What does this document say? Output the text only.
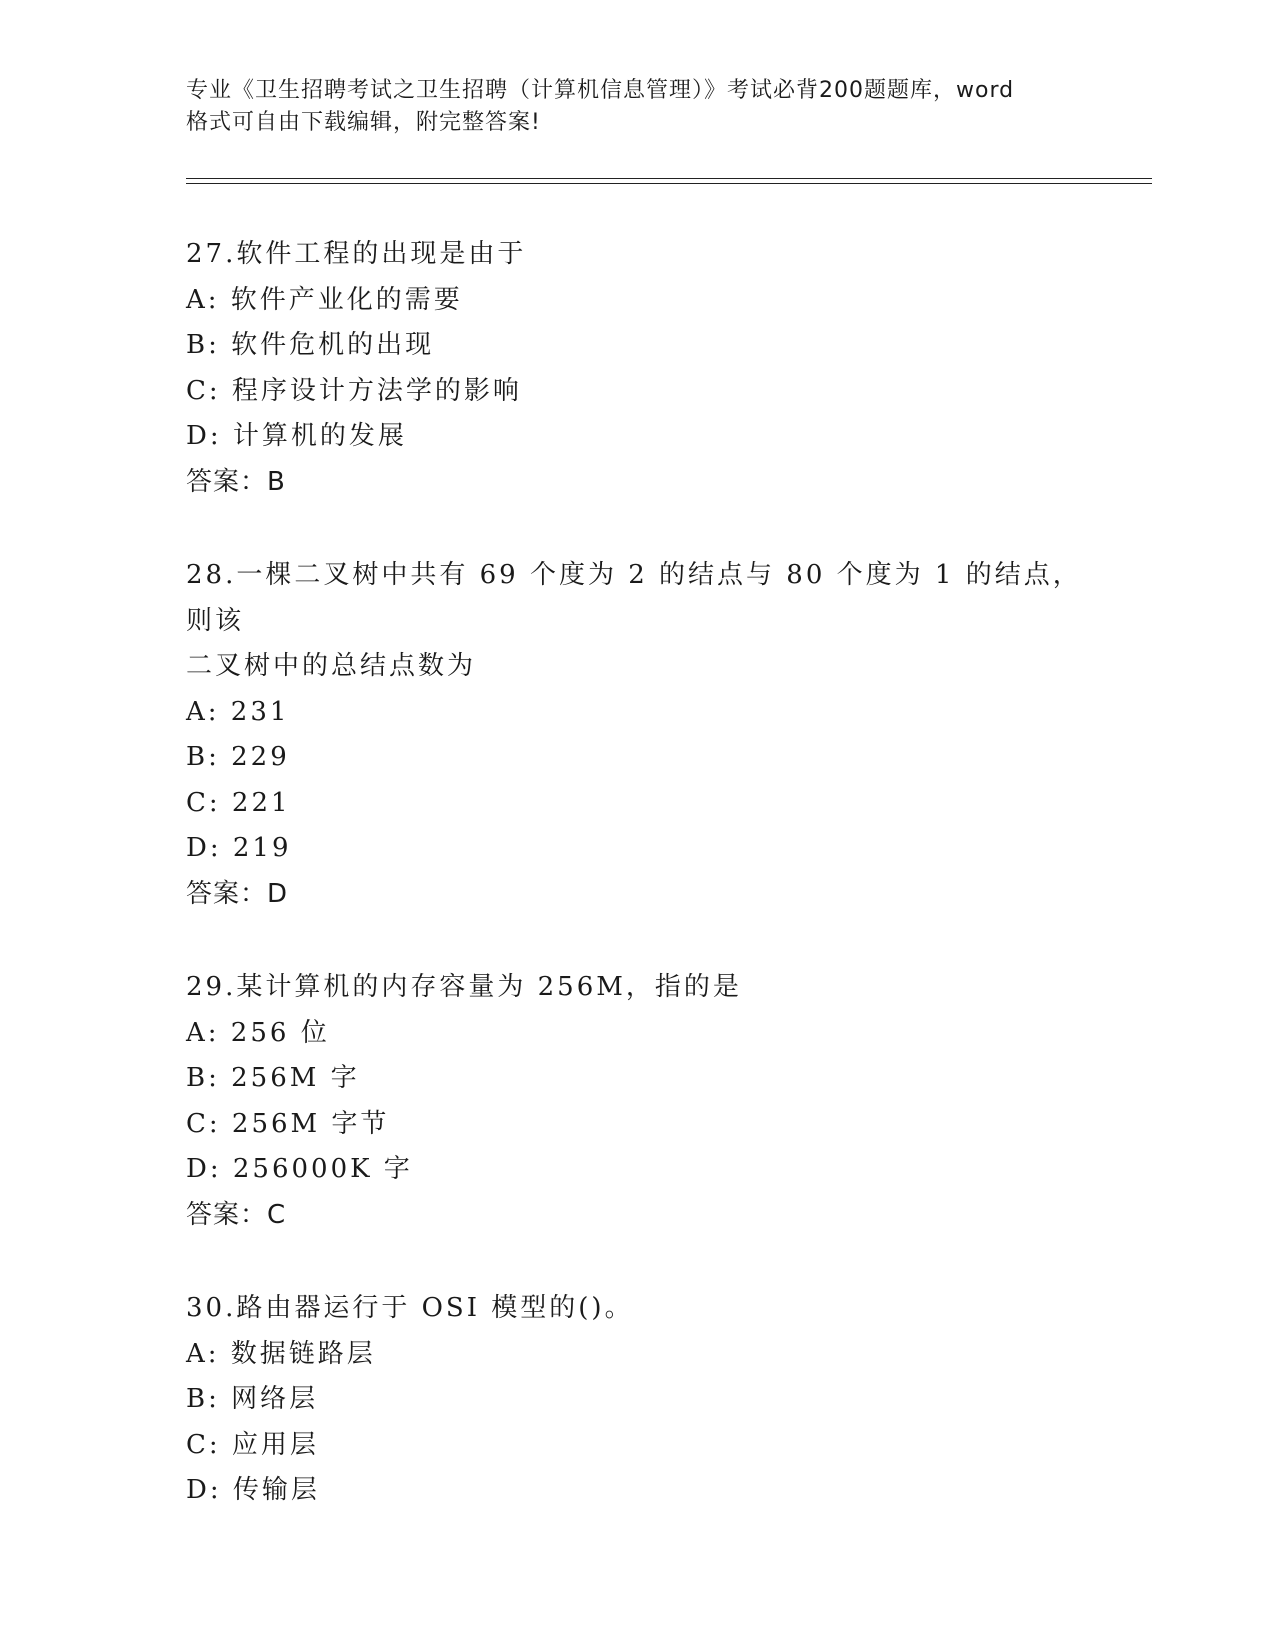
专业《卫生招聘考试之卫生招聘（计算机信息管理）》考试必背200题题库，word
格式可自由下载编辑，附完整答案!
27.软件工程的出现是由于
A: 软件产业化的需要
B: 软件危机的出现
C: 程序设计方法学的影响
D: 计算机的发展
答案：B
28.一棵二叉树中共有 69 个度为 2 的结点与 80 个度为 1 的结点，则该
二叉树中的总结点数为
A: 231
B: 229
C: 221
D: 219
答案：D
29.某计算机的内存容量为 256M，指的是
A: 256 位
B: 256M 字
C: 256M 字节
D: 256000K 字
答案：C
30.路由器运行于 OSI 模型的()。
A: 数据链路层
B: 网络层
C: 应用层
D: 传输层
